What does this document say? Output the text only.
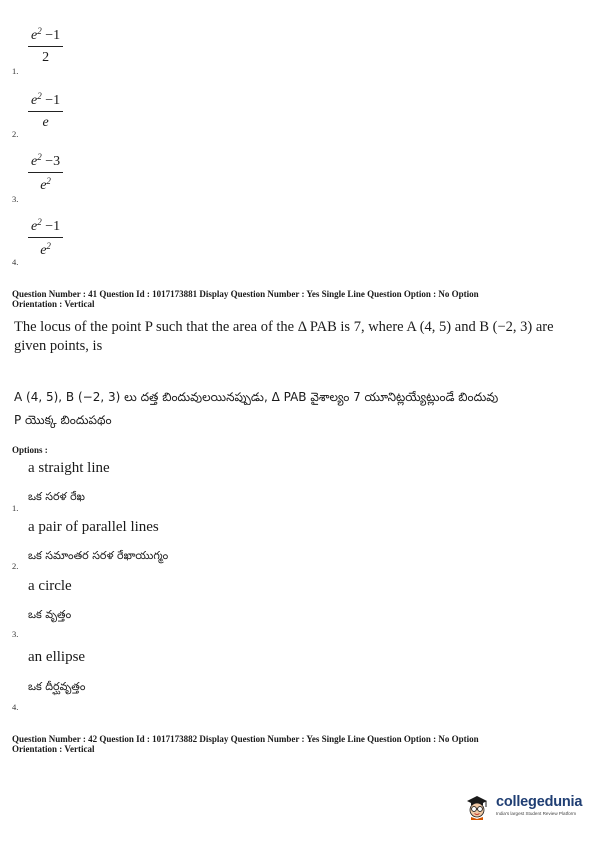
$\frac{e^2 -1}{2}$
1.
$\frac{e^2 -1}{e}$
2.
$\frac{e^2 -3}{e^2}$
3.
$\frac{e^2 -1}{e^2}$
4.
Question Number : 41 Question Id : 1017173881 Display Question Number : Yes Single Line Question Option : No Option
Orientation : Vertical
The locus of the point P such that the area of the Δ PAB is 7, where A (4, 5) and B (−2, 3) are given points, is
A (4, 5), B (−2, 3) లు దత్త బిందువులయినప్పుడు, Δ PAB వైశాల్యం 7 యూనిట్లయ్యేట్లుండే బిందువు
P యొక్క బిందుపథం
Options :
a straight line
ఒక సరళ రేఖ
1.
a pair of parallel lines
ఒక సమాంతర సరళ రేఖాయుగ్మం
2.
a circle
ఒక వృత్తం
3.
an ellipse
ఒక దీర్ఘవృత్తం
4.
Question Number : 42 Question Id : 1017173882 Display Question Number : Yes Single Line Question Option : No Option
Orientation : Vertical
collegedunia
India's largest Student Review Platform
